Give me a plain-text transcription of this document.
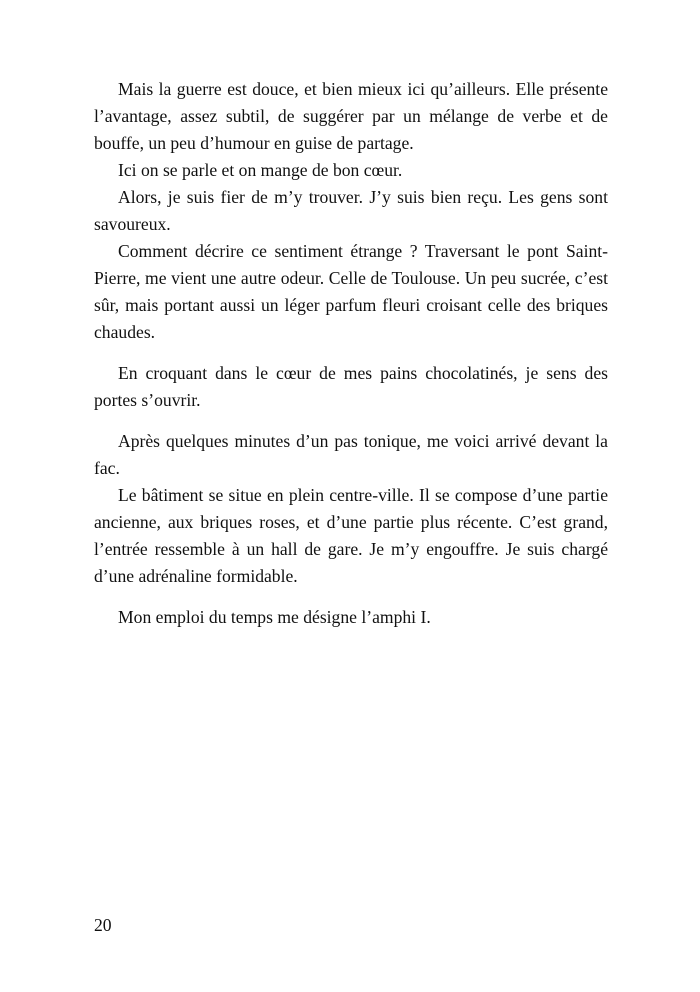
Mais la guerre est douce, et bien mieux ici qu’ailleurs. Elle présente l’avantage, assez subtil, de suggérer par un mélange de verbe et de bouffe, un peu d’humour en guise de partage.

Ici on se parle et on mange de bon cœur.

Alors, je suis fier de m’y trouver. J’y suis bien reçu. Les gens sont savoureux.

Comment décrire ce sentiment étrange ? Traversant le pont Saint-Pierre, me vient une autre odeur. Celle de Toulouse. Un peu sucrée, c’est sûr, mais portant aussi un léger parfum fleuri croisant celle des briques chaudes.

En croquant dans le cœur de mes pains chocolatinés, je sens des portes s’ouvrir.

Après quelques minutes d’un pas tonique, me voici arrivé devant la fac.

Le bâtiment se situe en plein centre-ville. Il se compose d’une partie ancienne, aux briques roses, et d’une partie plus récente. C’est grand, l’entrée ressemble à un hall de gare. Je m’y engouffre. Je suis chargé d’une adrénaline formidable.

Mon emploi du temps me désigne l’amphi I.

20
